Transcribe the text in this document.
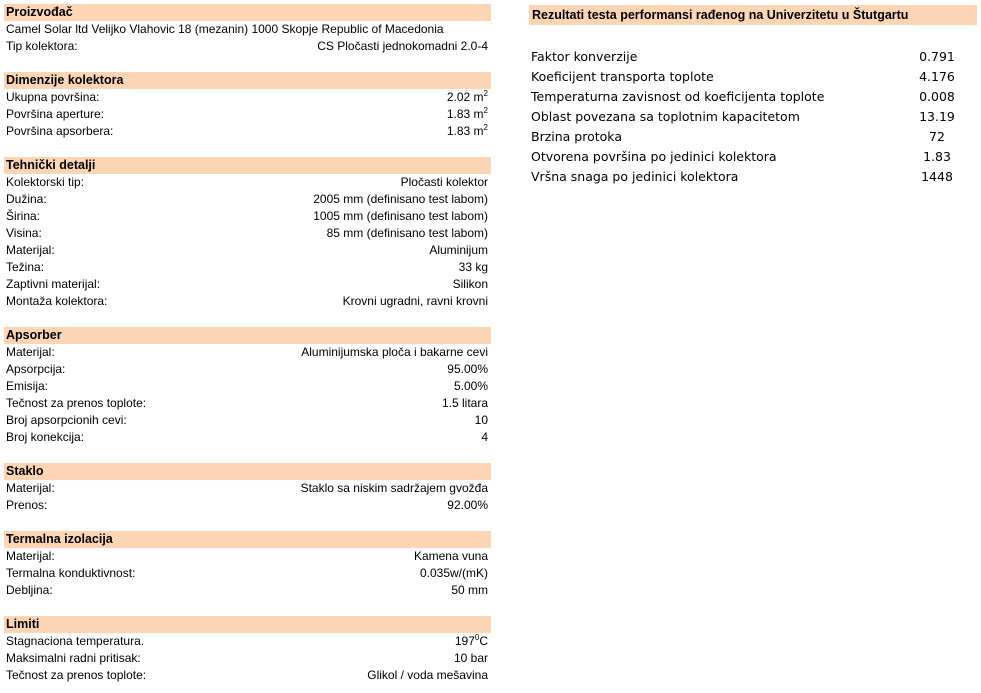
Proizvođač
Camel Solar ltd Velijko Vlahovic 18 (mezanin) 1000 Skopje Republic of Macedonia
Tip kolektora:	CS Pločasti jednokomadni 2.0-4
Dimenzije kolektora
Ukupna površina:	2.02 $m^2$
Površina aperture:	1.83 $m^2$
Površina apsorbera:	1.83 $m^2$
Tehnički detalji
Kolektorski tip:	Pločasti kolektor
Dužina:	2005 mm (definisano test labom)
Širina:	1005 mm (definisano test labom)
Visina:	85 mm (definisano test labom)
Materijal:	Aluminijum
Težina:	33 kg
Zaptivni materijal:	Silikon
Montaža kolektora:	Krovni ugradni, ravni krovni
Apsorber
Materijal:	Aluminijumska ploča i bakarne cevi
Apsorpcija:	95.00%
Emisija:	5.00%
Tečnost za prenos toplote:	1.5 litara
Broj apsorpcionih cevi:	10
Broj konekcija:	4
Staklo
Materijal:	Staklo sa niskim sadržajem gvožđa
Prenos:	92.00%
Termalna izolacija
Materijal:	Kamena vuna
Termalna konduktivnost:	0.035w/(mK)
Debljina:	50 mm
Limiti
Stagnaciona temperatura.	$197^0C$
Maksimalni radni pritisak:	10 bar
Tečnost za prenos toplote:	Glikol / voda mešavina
Rezultati testa performansi rađenog na Univerzitetu u Štutgartu
Faktor konverzije	0.791
Koeficijent transporta toplote	4.176
Temperaturna zavisnost od koeficijenta toplote	0.008
Oblast povezana sa toplotnim kapacitetom	13.19
Brzina protoka	72
Otvorena površina po jedinici kolektora	1.83
Vršna snaga po jedinici kolektora	1448
